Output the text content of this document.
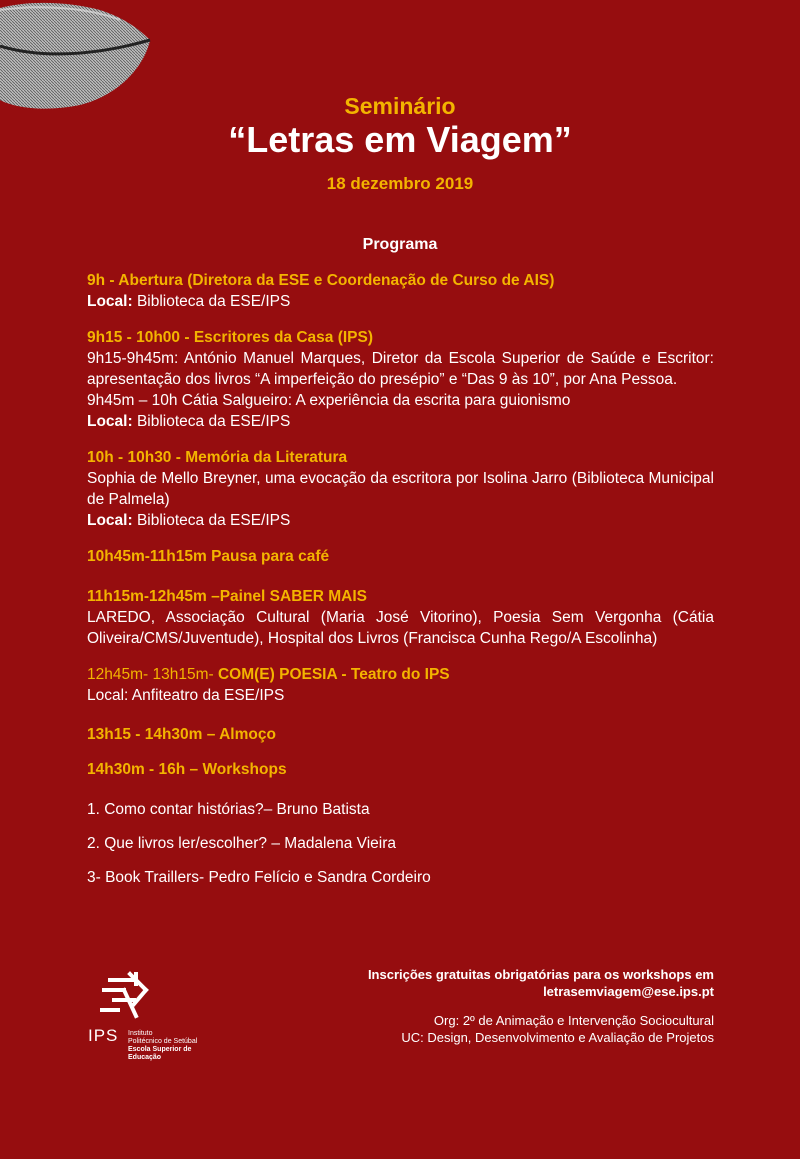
Seminário
“Letras em Viagem”
18 dezembro 2019
Programa
9h - Abertura (Diretora da ESE e Coordenação de Curso de AIS)
Local: Biblioteca da ESE/IPS
9h15 - 10h00 - Escritores da Casa (IPS)
9h15-9h45m: António Manuel Marques, Diretor da Escola Superior de Saúde e Escritor: apresentação dos livros “A imperfeição do presépio” e “Das 9 às 10”, por Ana Pessoa.
9h45m – 10h Cátia Salgueiro: A experiência da escrita para guionismo
Local: Biblioteca da ESE/IPS
10h - 10h30 - Memória da Literatura
Sophia de Mello Breyner, uma evocação da escritora por Isolina Jarro (Biblioteca Municipal de Palmela)
Local: Biblioteca da ESE/IPS
10h45m-11h15m Pausa para café
11h15m-12h45m –Painel SABER MAIS
LAREDO, Associação Cultural (Maria José Vitorino), Poesia Sem Vergonha (Cátia Oliveira/CMS/Juventude), Hospital dos Livros (Francisca Cunha Rego/A Escolinha)
12h45m- 13h15m- COM(E) POESIA - Teatro do IPS
Local: Anfiteatro da ESE/IPS
13h15 - 14h30m – Almoço
14h30m - 16h – Workshops
1. Como contar histórias?– Bruno Batista
2. Que livros ler/escolher? – Madalena Vieira
3- Book Traillers- Pedro Felício e Sandra Cordeiro
IPS Instituto
Politécnico de Setúbal
Escola Superior de
Educação
Inscrições gratuitas obrigatórias para os workshops em
letrasemviagem@ese.ips.pt
Org: 2º de Animação e Intervenção Sociocultural
UC: Design, Desenvolvimento e Avaliação de Projetos
